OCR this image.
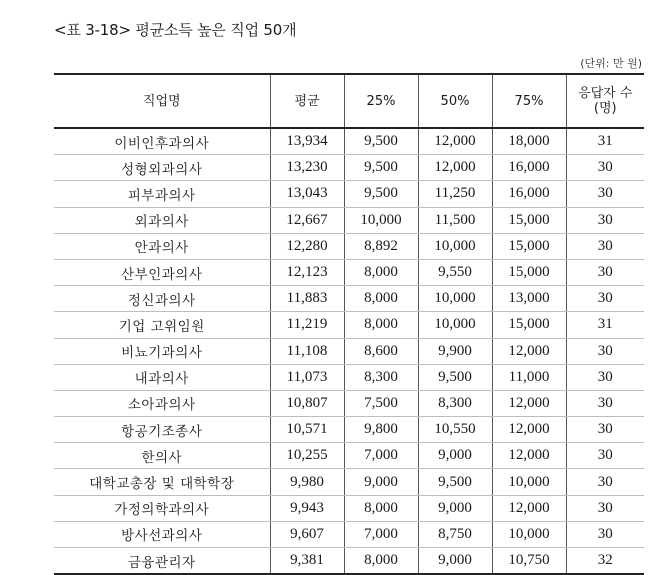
<표 3-18> 평균소득 높은 직업 50개
(단위: 만 원)
직업명	평균	25%	50%	75%	응답자 수
(명)
이비인후과의사	13,934	9,500	12,000	18,000	31
성형외과의사	13,230	9,500	12,000	16,000	30
피부과의사	13,043	9,500	11,250	16,000	30
외과의사	12,667	10,000	11,500	15,000	30
안과의사	12,280	8,892	10,000	15,000	30
산부인과의사	12,123	8,000	9,550	15,000	30
정신과의사	11,883	8,000	10,000	13,000	30
기업 고위임원	11,219	8,000	10,000	15,000	31
비뇨기과의사	11,108	8,600	9,900	12,000	30
내과의사	11,073	8,300	9,500	11,000	30
소아과의사	10,807	7,500	8,300	12,000	30
항공기조종사	10,571	9,800	10,550	12,000	30
한의사	10,255	7,000	9,000	12,000	30
대학교총장 및 대학학장	9,980	9,000	9,500	10,000	30
가정의학과의사	9,943	8,000	9,000	12,000	30
방사선과의사	9,607	7,000	8,750	10,000	30
금융관리자	9,381	8,000	9,000	10,750	32
